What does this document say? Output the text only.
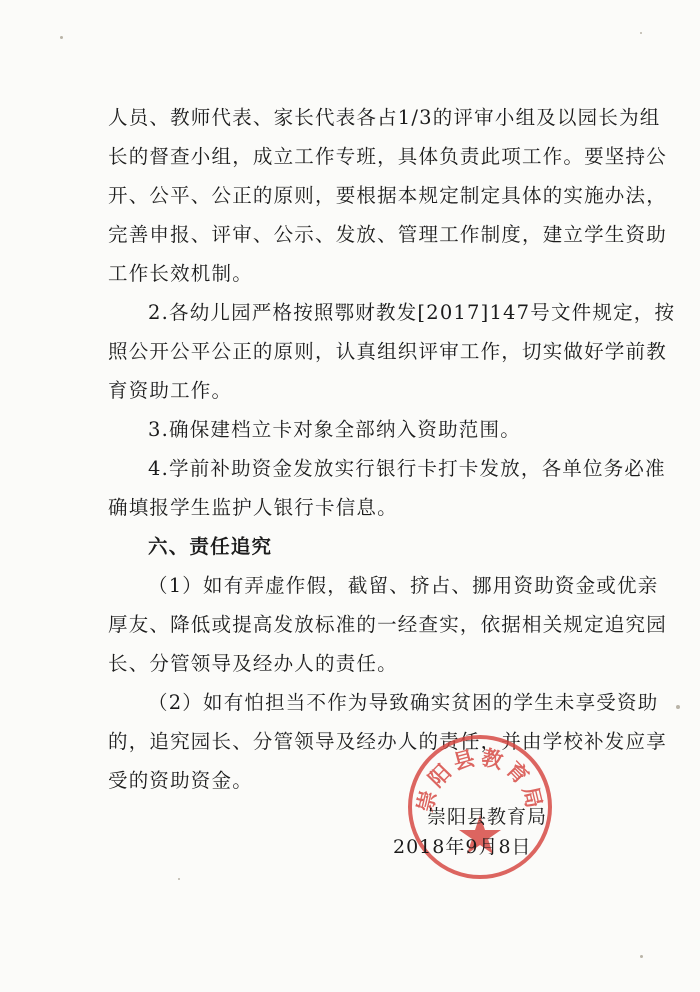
人员、教师代表、家长代表各占1/3的评审小组及以园长为组
长的督查小组，成立工作专班，具体负责此项工作。要坚持公
开、公平、公正的原则，要根据本规定制定具体的实施办法，
完善申报、评审、公示、发放、管理工作制度，建立学生资助
工作长效机制。
2.各幼儿园严格按照鄂财教发[2017]147号文件规定，按
照公开公平公正的原则，认真组织评审工作，切实做好学前教
育资助工作。
3.确保建档立卡对象全部纳入资助范围。
4.学前补助资金发放实行银行卡打卡发放，各单位务必准
确填报学生监护人银行卡信息。
六、责任追究
（1）如有弄虚作假，截留、挤占、挪用资助资金或优亲
厚友、降低或提高发放标准的一经查实，依据相关规定追究园
长、分管领导及经办人的责任。
（2）如有怕担当不作为导致确实贫困的学生未享受资助
的，追究园长、分管领导及经办人的责任，并由学校补发应享
受的资助资金。
崇阳县教育局
崇阳县教育局
2018年9月8日
